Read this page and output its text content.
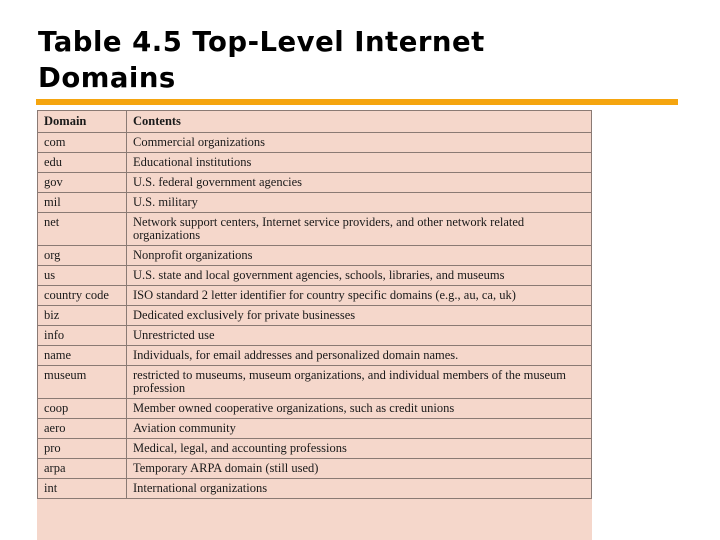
Table 4.5 Top-Level Internet
Domains
Domain	Contents
com	Commercial organizations
edu	Educational institutions
gov	U.S. federal government agencies
mil	U.S. military
net	Network support centers, Internet service providers, and other network related organizations
org	Nonprofit organizations
us	U.S. state and local government agencies, schools, libraries, and museums
country code	ISO standard 2 letter identifier for country specific domains (e.g., au, ca, uk)
biz	Dedicated exclusively for private businesses
info	Unrestricted use
name	Individuals, for email addresses and personalized domain names.
museum	restricted to museums, museum organizations, and individual members of the museum profession
coop	Member owned cooperative organizations, such as credit unions
aero	Aviation community
pro	Medical, legal, and accounting professions
arpa	Temporary ARPA domain (still used)
int	International organizations
